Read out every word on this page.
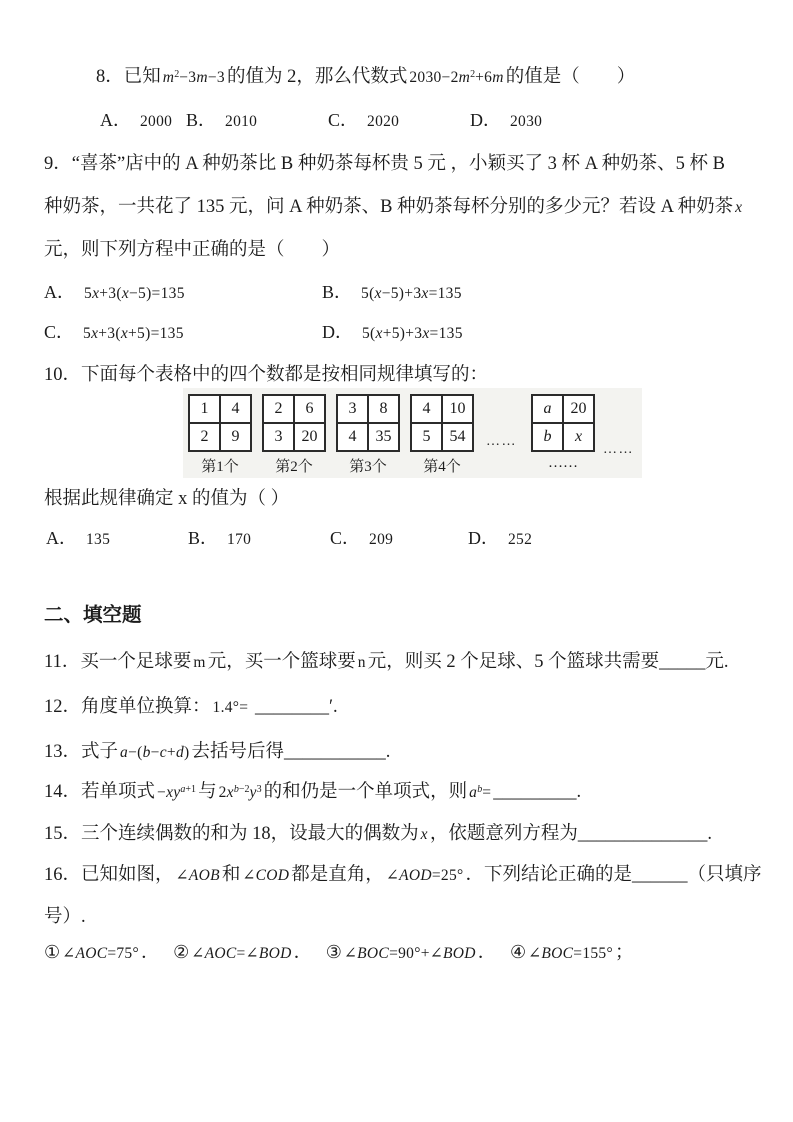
8．已知 $m^2-3m-3$ 的值为 2，那么代数式 $2030-2m^2+6m$ 的值是（　　）
A． 2000 B． 2010	C． 2020	D． 2030
9．“喜茶”店中的 A 种奶茶比 B 种奶茶每杯贵 5 元 ，小颖买了 3 杯 A 种奶茶、5 杯 B
种奶茶，一共花了 135 元，问 A 种奶茶、B 种奶茶每杯分别的多少元？若设 A 种奶茶 x
元，则下列方程中正确的是（　　）
A． 5x+3(x−5)=135	B． 5(x−5)+3x=135
C． 5x+3(x+5)=135	D． 5(x+5)+3x=135
10．下面每个表格中的四个数都是按相同规律填写的：
1	4
2	9
第1个
2	6
3	20
第2个
3	8
4	35
第3个
4	10
5	54
第4个
……
a	20
b x
……
……
根据此规律确定 x 的值为（ ）
A． 135	B． 170	C． 209	D． 252
二、填空题
11．买一个足球要 m 元，买一个篮球要 n 元，则买 2 个足球、5 个篮球共需要_____元.
12．角度单位换算： 1.4°= ________′.
13．式子 a−(b−c+d) 去括号后得___________.
14．若单项式 $-xy^{a+1}$ 与 $2x^{b-2}y^3$ 的和仍是一个单项式，则 $a^b=$ _________.
15．三个连续偶数的和为 18，设最大的偶数为 x ，依题意列方程为______________.
16．已知如图， ∠AOB 和 ∠COD 都是直角， ∠AOD=25° ．下列结论正确的是______（只填序
号）.
① ∠AOC=75° ． ② ∠AOC=∠BOD ． ③ ∠BOC=90°+∠BOD ． ④ ∠BOC=155° ；
